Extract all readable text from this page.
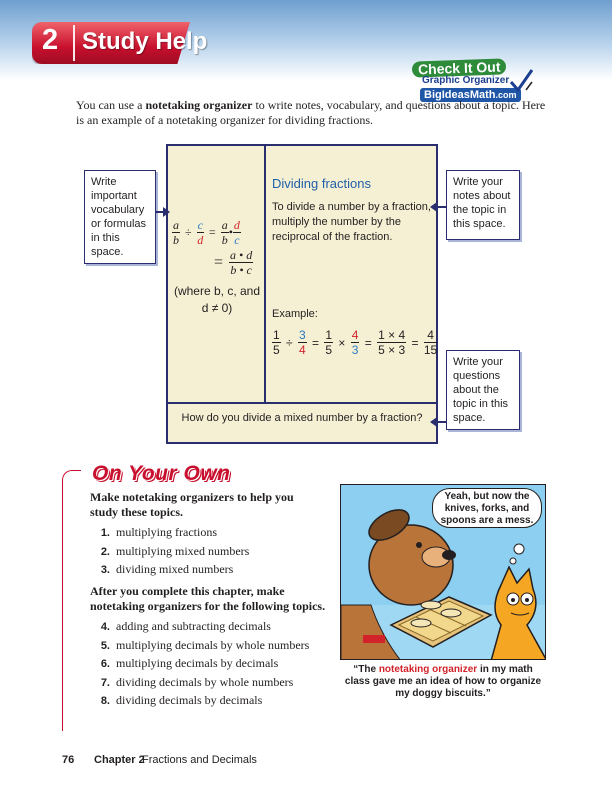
2 Study Help
Check It Out
Graphic Organizer
BigIdeasMath.com
You can use a notetaking organizer to write notes, vocabulary, and questions about a topic. Here is an example of a notetaking organizer for dividing fractions.
Write important vocabulary or formulas in this space.
Write your notes about the topic in this space.
Write your questions about the topic in this space.
$\frac{a}{b} \div \frac{c}{d} = \frac{a}{b}$ • $\frac{d}{c}$
= $\frac{a • d}{b • c}$
(where b, c, and d ≠ 0)
Dividing fractions
To divide a number by a fraction, multiply the number by the reciprocal of the fraction.
Example:
$\frac{1}{5} \div \frac{3}{4} = \frac{1}{5} \times \frac{4}{3} = \frac{1 \times 4}{5 \times 3} = \frac{4}{15}$
How do you divide a mixed number by a fraction?
On Your Own
Make notetaking organizers to help you study these topics.
1. multiplying fractions
2. multiplying mixed numbers
3. dividing mixed numbers
After you complete this chapter, make notetaking organizers for the following topics.
4. adding and subtracting decimals
5. multiplying decimals by whole numbers
6. multiplying decimals by decimals
7. dividing decimals by whole numbers
8. dividing decimals by decimals
Yeah, but now the knives, forks, and spoons are a mess.
“The notetaking organizer in my math class gave me an idea of how to organize my doggy biscuits.”
76 Chapter 2
Fractions and Decimals
